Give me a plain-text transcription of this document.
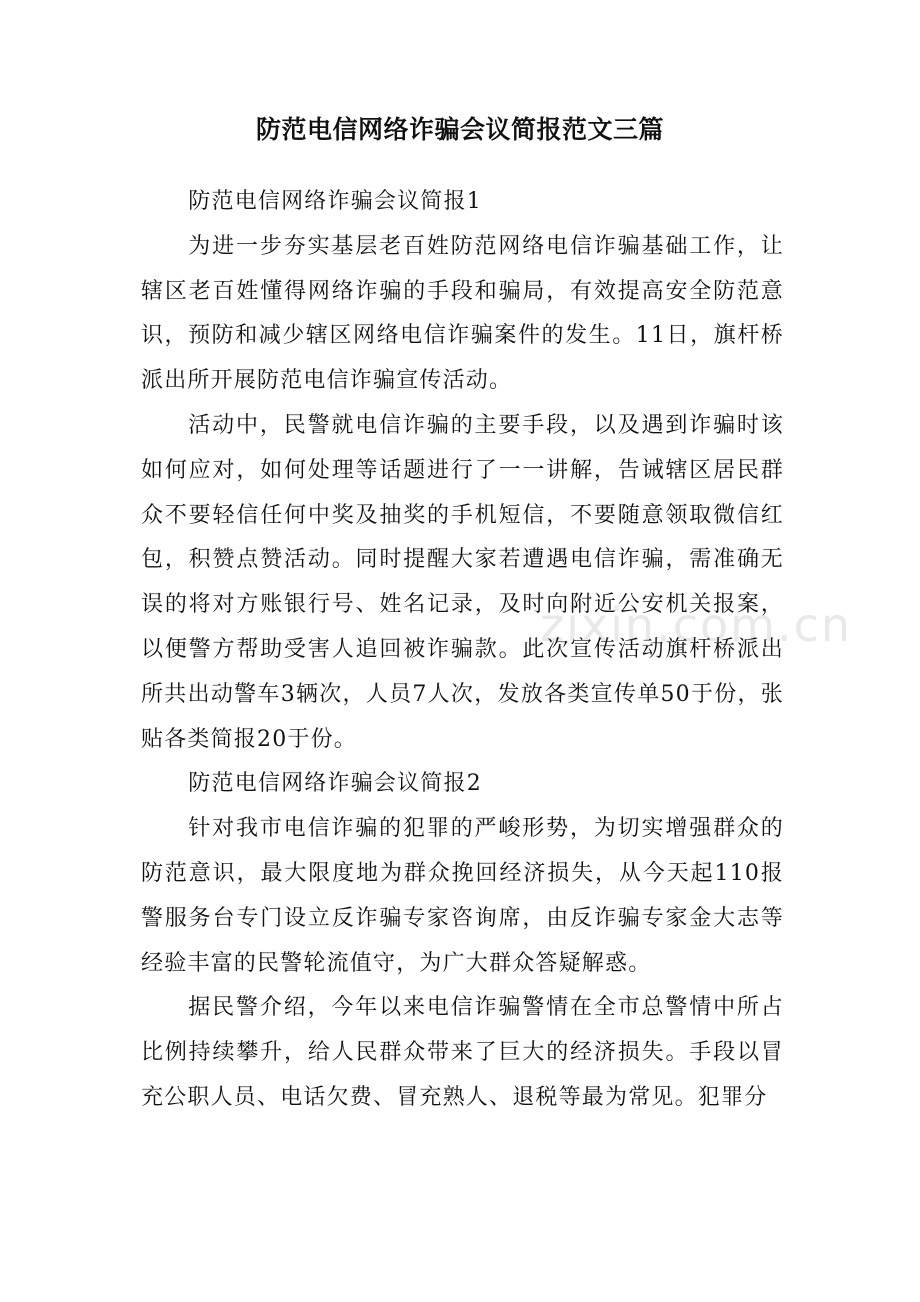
zixin.com.cn
防范电信网络诈骗会议简报范文三篇

防范电信网络诈骗会议简报1

为进一步夯实基层老百姓防范网络电信诈骗基础工作，让辖区老百姓懂得网络诈骗的手段和骗局，有效提高安全防范意识，预防和减少辖区网络电信诈骗案件的发生。11日，旗杆桥派出所开展防范电信诈骗宣传活动。

活动中，民警就电信诈骗的主要手段，以及遇到诈骗时该如何应对，如何处理等话题进行了一一讲解，告诫辖区居民群众不要轻信任何中奖及抽奖的手机短信，不要随意领取微信红包，积赞点赞活动。同时提醒大家若遭遇电信诈骗，需准确无误的将对方账银行号、姓名记录，及时向附近公安机关报案，以便警方帮助受害人追回被诈骗款。此次宣传活动旗杆桥派出所共出动警车3辆次，人员7人次，发放各类宣传单50于份，张贴各类简报20于份。

防范电信网络诈骗会议简报2

针对我市电信诈骗的犯罪的严峻形势，为切实增强群众的防范意识，最大限度地为群众挽回经济损失，从今天起110报警服务台专门设立反诈骗专家咨询席，由反诈骗专家金大志等经验丰富的民警轮流值守，为广大群众答疑解惑。

据民警介绍，今年以来电信诈骗警情在全市总警情中所占比例持续攀升，给人民群众带来了巨大的经济损失。手段以冒充公职人员、电话欠费、冒充熟人、退税等最为常见。犯罪分
